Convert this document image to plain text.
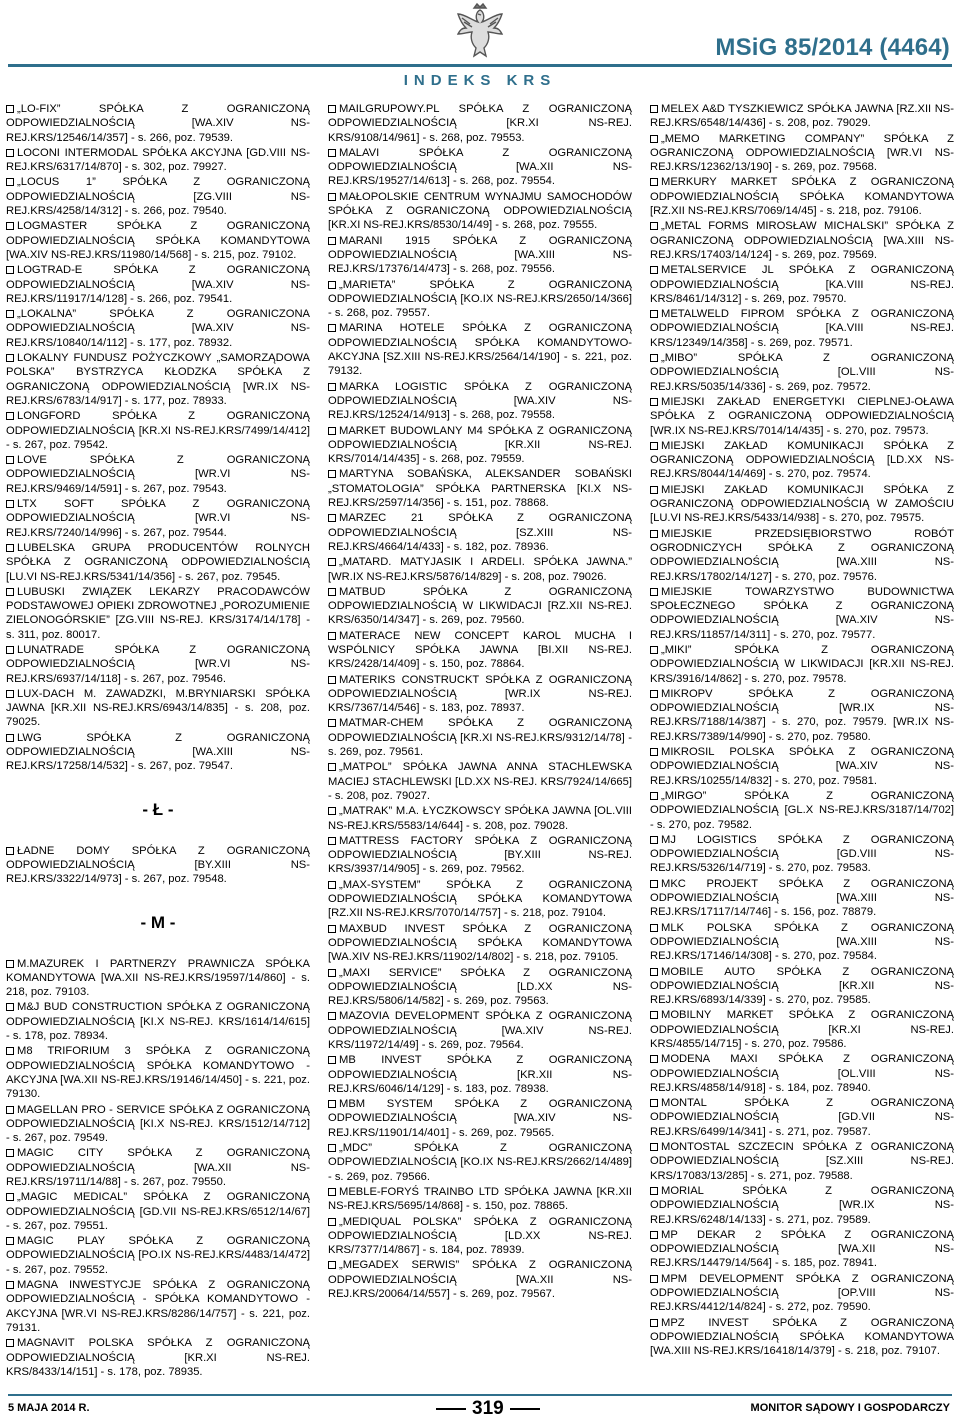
MSiG 85/2014 (4464)
INDEKS KRS
„LO-FIX” SPÓŁKA Z OGRANICZONĄ ODPOWIEDZIALNOŚCIĄ [WA.XIV NS-REJ.KRS/12546/14/357] - s. 266, poz. 79539.
LOCONI INTERMODAL SPÓŁKA AKCYJNA [GD.VIII NS-REJ.KRS/6317/14/870] - s. 302, poz. 79927.
„LOCUS 1” SPÓŁKA Z OGRANICZONĄ ODPOWIEDZIALNOŚCIĄ [ZG.VIII NS-REJ.KRS/4258/14/312] - s. 266, poz. 79540.
LOGMASTER SPÓŁKA Z OGRANICZONĄ ODPOWIEDZIALNOŚCIĄ SPÓŁKA KOMANDYTOWA [WA.XIV NS-REJ.KRS/11980/14/568] - s. 215, poz. 79102.
LOGTRAD-E SPÓŁKA Z OGRANICZONĄ ODPOWIEDZIALNOŚCIĄ [WA.XIV NS-REJ.KRS/11917/14/128] - s. 266, poz. 79541.
„LOKALNA” SPÓŁKA Z OGRANICZONA ODPOWIEDZIALNOŚCIĄ [WA.XIV NS-REJ.KRS/10840/14/112] - s. 177, poz. 78932.
LOKALNY FUNDUSZ POŻYCZKOWY „SAMORZĄDOWA POLSKA” BYSTRZYCA KŁODZKA SPÓŁKA Z OGRANICZONĄ ODPOWIEDZIALNOŚCIĄ [WR.IX NS-REJ.KRS/6783/14/917] - s. 177, poz. 78933.
LONGFORD SPÓŁKA Z OGRANICZONĄ ODPOWIEDZIALNOŚCIĄ [KR.XI NS-REJ.KRS/7499/14/412] - s. 267, poz. 79542.
LOVE SPÓŁKA Z OGRANICZONĄ ODPOWIEDZIALNOŚCIĄ [WR.VI NS-REJ.KRS/9469/14/591] - s. 267, poz. 79543.
LTX SOFT SPÓŁKA Z OGRANICZONĄ ODPOWIEDZIALNOŚCIĄ [WR.VI NS-REJ.KRS/7240/14/996] - s. 267, poz. 79544.
LUBELSKA GRUPA PRODUCENTÓW ROLNYCH SPÓŁKA Z OGRANICZONĄ ODPOWIEDZIALNOŚCIĄ [LU.VI NS-REJ.KRS/5341/14/356] - s. 267, poz. 79545.
LUBUSKI ZWIĄZEK LEKARZY PRACODAWCÓW PODSTAWOWEJ OPIEKI ZDROWOTNEJ „POROZUMIENIE ZIELONOGÓRSKIE” [ZG.VIII NS-REJ. KRS/3174/14/178] - s. 311, poz. 80017.
LUNATRADE SPÓŁKA Z OGRANICZONĄ ODPOWIEDZIALNOŚCIĄ [WR.VI NS-REJ.KRS/6937/14/118] - s. 267, poz. 79546.
LUX-DACH M. ZAWADZKI, M.BRYNIARSKI SPÓŁKA JAWNA [KR.XII NS-REJ.KRS/6943/14/835] - s. 208, poz. 79025.
LWG SPÓŁKA Z OGRANICZONĄ ODPOWIEDZIALNOŚCIĄ [WA.XIII NS-REJ.KRS/17258/14/532] - s. 267, poz. 79547.
- Ł -
ŁADNE DOMY SPÓŁKA Z OGRANICZONĄ ODPOWIEDZIALNOŚCIĄ [BY.XIII NS-REJ.KRS/3322/14/973] - s. 267, poz. 79548.
- M -
M.MAZUREK I PARTNERZY PRAWNICZA SPÓŁKA KOMANDYTOWA [WA.XII NS-REJ.KRS/19597/14/860] - s. 218, poz. 79103.
M&J BUD CONSTRUCTION SPÓŁKA Z OGRANICZONĄ ODPOWIEDZIALNOŚCIĄ [KI.X NS-REJ. KRS/1614/14/615] - s. 178, poz. 78934.
M8 TRIFORIUM 3 SPÓŁKA Z OGRANICZONĄ ODPOWIEDZIALNOŚCIĄ SPÓŁKA KOMANDYTOWO - AKCYJNA [WA.XII NS-REJ.KRS/19146/14/450] - s. 221, poz. 79130.
MAGELLAN PRO - SERVICE SPÓŁKA Z OGRANICZONĄ ODPOWIEDZIALNOŚCIĄ [KI.X NS-REJ. KRS/1512/14/712] - s. 267, poz. 79549.
MAGIC CITY SPÓŁKA Z OGRANICZONĄ ODPOWIEDZIALNOŚCIĄ [WA.XII NS-REJ.KRS/19711/14/88] - s. 267, poz. 79550.
„MAGIC MEDICAL” SPÓŁKA Z OGRANICZONĄ ODPOWIEDZIALNOŚCIĄ [GD.VII NS-REJ.KRS/6512/14/67] - s. 267, poz. 79551.
MAGIC PLAY SPÓŁKA Z OGRANICZONĄ ODPOWIEDZIALNOŚCIĄ [PO.IX NS-REJ.KRS/4483/14/472] - s. 267, poz. 79552.
MAGNA INWESTYCJE SPÓŁKA Z OGRANICZONĄ ODPOWIEDZIALNOŚCIĄ - SPÓŁKA KOMANDYTOWO - AKCYJNA [WR.VI NS-REJ.KRS/8286/14/757] - s. 221, poz. 79131.
MAGNAVIT POLSKA SPÓŁKA Z OGRANICZONĄ ODPOWIEDZIALNOŚCIĄ [KR.XI NS-REJ. KRS/8433/14/151] - s. 178, poz. 78935.
MAILGRUPOWY.PL SPÓŁKA Z OGRANICZONĄ ODPOWIEDZIALNOŚCIĄ [KR.XI NS-REJ. KRS/9108/14/961] - s. 268, poz. 79553.
MALAVI SPÓŁKA Z OGRANICZONĄ ODPOWIEDZIALNOŚCIĄ [WA.XII NS-REJ.KRS/19527/14/613] - s. 268, poz. 79554.
MAŁOPOLSKIE CENTRUM WYNAJMU SAMOCHODÓW SPÓŁKA Z OGRANICZONĄ ODPOWIEDZIALNOŚCIĄ [KR.XI NS-REJ.KRS/8530/14/49] - s. 268, poz. 79555.
MARANI 1915 SPÓŁKA Z OGRANICZONĄ ODPOWIEDZIALNOŚCIĄ [WA.XIII NS-REJ.KRS/17376/14/473] - s. 268, poz. 79556.
„MARIETA” SPÓŁKA Z OGRANICZONĄ ODPOWIEDZIALNOŚCIĄ [KO.IX NS-REJ.KRS/2650/14/366] - s. 268, poz. 79557.
MARINA HOTELE SPÓŁKA Z OGRANICZONĄ ODPOWIEDZIALNOŚCIĄ SPÓŁKA KOMANDYTOWO-AKCYJNA [SZ.XIII NS-REJ.KRS/2564/14/190] - s. 221, poz. 79132.
MARKA LOGISTIC SPÓŁKA Z OGRANICZONĄ ODPOWIEDZIALNOŚCIĄ [WA.XIV NS-REJ.KRS/12524/14/913] - s. 268, poz. 79558.
MARKET BUDOWLANY M4 SPÓŁKA Z OGRANICZONĄ ODPOWIEDZIALNOŚCIĄ [KR.XII NS-REJ. KRS/7014/14/435] - s. 268, poz. 79559.
MARTYNA SOBAŃSKA, ALEKSANDER SOBAŃSKI „STOMATOLOGIA” SPÓŁKA PARTNERSKA [KI.X NS-REJ.KRS/2597/14/356] - s. 151, poz. 78868.
MARZEC 21 SPÓŁKA Z OGRANICZONĄ ODPOWIEDZIALNOŚCIĄ [SZ.XIII NS-REJ.KRS/4664/14/433] - s. 182, poz. 78936.
„MATARD. MATYJASIK I ARDELI. SPÓŁKA JAWNA.” [WR.IX NS-REJ.KRS/5876/14/829] - s. 208, poz. 79026.
MATBUD SPÓŁKA Z OGRANICZONĄ ODPOWIEDZIALNOŚCIĄ W LIKWIDACJI [RZ.XII NS-REJ. KRS/6350/14/347] - s. 269, poz. 79560.
MATERACE NEW CONCEPT KAROL MUCHA I WSPÓLNICY SPÓŁKA JAWNA [BI.XII NS-REJ. KRS/2428/14/409] - s. 150, poz. 78864.
MATERIKS CONSTRUCKT SPÓŁKA Z OGRANICZONĄ ODPOWIEDZIALNOŚCIĄ [WR.IX NS-REJ. KRS/7367/14/546] - s. 183, poz. 78937.
MATMAR-CHEM SPÓŁKA Z OGRANICZONĄ ODPOWIEDZIALNOŚCIĄ [KR.XI NS-REJ.KRS/9312/14/78] - s. 269, poz. 79561.
„MATPOL” SPÓŁKA JAWNA ANNA STACHLEWSKA MACIEJ STACHLEWSKI [LD.XX NS-REJ. KRS/7924/14/665] - s. 208, poz. 79027.
„MATRAK” M.A. ŁYCZKOWSCY SPÓŁKA JAWNA [OL.VIII NS-REJ.KRS/5583/14/644] - s. 208, poz. 79028.
MATTRESS FACTORY SPÓŁKA Z OGRANICZONĄ ODPOWIEDZIALNOŚCIĄ [BY.XIII NS-REJ. KRS/3937/14/905] - s. 269, poz. 79562.
„MAX-SYSTEM” SPÓŁKA Z OGRANICZONĄ ODPOWIEDZIALNOŚCIĄ SPÓŁKA KOMANDYTOWA [RZ.XII NS-REJ.KRS/7070/14/757] - s. 218, poz. 79104.
MAXBUD INVEST SPÓŁKA Z OGRANICZONĄ ODPOWIEDZIALNOŚCIĄ SPÓŁKA KOMANDYTOWA [WA.XIV NS-REJ.KRS/11902/14/802] - s. 218, poz. 79105.
„MAXI SERVICE” SPÓŁKA Z OGRANICZONĄ ODPOWIEDZIALNOŚCIĄ [LD.XX NS-REJ.KRS/5806/14/582] - s. 269, poz. 79563.
MAZOVIA DEVELOPMENT SPÓŁKA Z OGRANICZONĄ ODPOWIEDZIALNOŚCIĄ [WA.XIV NS-REJ. KRS/11972/14/49] - s. 269, poz. 79564.
MB INVEST SPÓŁKA Z OGRANICZONĄ ODPOWIEDZIALNOŚCIĄ [KR.XII NS-REJ.KRS/6046/14/129] - s. 183, poz. 78938.
MBM SYSTEM SPÓŁKA Z OGRANICZONĄ ODPOWIEDZIALNOŚCIĄ [WA.XIV NS-REJ.KRS/11901/14/401] - s. 269, poz. 79565.
„MDC” SPÓŁKA Z OGRANICZONĄ ODPOWIEDZIALNOŚCIĄ [KO.IX NS-REJ.KRS/2662/14/489] - s. 269, poz. 79566.
MEBLE-FORYŚ TRAINBO LTD SPÓŁKA JAWNA [KR.XII NS-REJ.KRS/5695/14/868] - s. 150, poz. 78865.
„MEDIQUAL POLSKA” SPÓŁKA Z OGRANICZONĄ ODPOWIEDZIALNOŚCIĄ [LD.XX NS-REJ. KRS/7377/14/867] - s. 184, poz. 78939.
„MEGADEX SERWIS” SPÓŁKA Z OGRANICZONĄ ODPOWIEDZIALNOŚCIĄ [WA.XII NS-REJ.KRS/20064/14/557] - s. 269, poz. 79567.
MELEX A&D TYSZKIEWICZ SPÓŁKA JAWNA [RZ.XII NS-REJ.KRS/6548/14/436] - s. 208, poz. 79029.
„MEMO MARKETING COMPANY” SPÓŁKA Z OGRANICZONĄ ODPOWIEDZIALNOŚCIĄ [WR.VI NS-REJ.KRS/12362/13/190] - s. 269, poz. 79568.
MERKURY MARKET SPÓŁKA Z OGRANICZONĄ ODPOWIEDZIALNOŚCIĄ SPÓŁKA KOMANDYTOWA [RZ.XII NS-REJ.KRS/7069/14/45] - s. 218, poz. 79106.
„METAL FORMS MIROSŁAW MICHALSKI” SPÓŁKA Z OGRANICZONĄ ODPOWIEDZIALNOŚCIĄ [WA.XIII NS-REJ.KRS/17403/14/124] - s. 269, poz. 79569.
METALSERVICE JL SPÓŁKA Z OGRANICZONĄ ODPOWIEDZIALNOŚCIĄ [KA.VIII NS-REJ. KRS/8461/14/312] - s. 269, poz. 79570.
METALWELD FIPROM SPÓŁKA Z OGRANICZONĄ ODPOWIEDZIALNOŚCIĄ [KA.VIII NS-REJ. KRS/12349/14/358] - s. 269, poz. 79571.
„MIBO” SPÓŁKA Z OGRANICZONĄ ODPOWIEDZIALNOŚCIĄ [OL.VIII NS-REJ.KRS/5035/14/336] - s. 269, poz. 79572.
MIEJSKI ZAKŁAD ENERGETYKI CIEPLNEJ-OŁAWA SPÓŁKA Z OGRANICZONĄ ODPOWIEDZIALNOŚCIĄ [WR.IX NS-REJ.KRS/7014/14/435] - s. 270, poz. 79573.
MIEJSKI ZAKŁAD KOMUNIKACJI SPÓŁKA Z OGRANICZONĄ ODPOWIEDZIALNOŚCIĄ [LD.XX NS-REJ.KRS/8044/14/469] - s. 270, poz. 79574.
MIEJSKI ZAKŁAD KOMUNIKACJI SPÓŁKA Z OGRANICZONĄ ODPOWIEDZIALNOŚCIĄ W ZAMOŚCIU [LU.VI NS-REJ.KRS/5433/14/938] - s. 270, poz. 79575.
MIEJSKIE PRZEDSIĘBIORSTWO ROBÓT OGRODNICZYCH SPÓŁKA Z OGRANICZONĄ ODPOWIEDZIALNOŚCIĄ [WA.XIII NS-REJ.KRS/17802/14/127] - s. 270, poz. 79576.
MIEJSKIE TOWARZYSTWO BUDOWNICTWA SPOŁECZNEGO SPÓŁKA Z OGRANICZONĄ ODPOWIEDZIALNOŚCIĄ [WA.XIV NS-REJ.KRS/11857/14/311] - s. 270, poz. 79577.
„MIKI” SPÓŁKA Z OGRANICZONĄ ODPOWIEDZIALNOŚCIĄ W LIKWIDACJI [KR.XII NS-REJ. KRS/3916/14/862] - s. 270, poz. 79578.
MIKROPV SPÓŁKA Z OGRANICZONĄ ODPOWIEDZIALNOŚCIĄ [WR.IX NS-REJ.KRS/7188/14/387] - s. 270, poz. 79579. [WR.IX NS-REJ.KRS/7389/14/990] - s. 270, poz. 79580.
MIKROSIL POLSKA SPÓŁKA Z OGRANICZONĄ ODPOWIEDZIALNOŚCIĄ [WA.XIV NS-REJ.KRS/10255/14/832] - s. 270, poz. 79581.
„MIRGO” SPÓŁKA Z OGRANICZONĄ ODPOWIEDZIALNOŚCIĄ [GL.X NS-REJ.KRS/3187/14/702] - s. 270, poz. 79582.
MJ LOGISTICS SPÓŁKA Z OGRANICZONĄ ODPOWIEDZIALNOŚCIĄ [GD.VIII NS-REJ.KRS/5326/14/719] - s. 270, poz. 79583.
MKC PROJEKT SPÓŁKA Z OGRANICZONĄ ODPOWIEDZIALNOŚCIĄ [WA.XIII NS-REJ.KRS/17117/14/746] - s. 156, poz. 78879.
MLK POLSKA SPÓŁKA Z OGRANICZONĄ ODPOWIEDZIALNOŚCIĄ [WA.XIII NS-REJ.KRS/17146/14/308] - s. 270, poz. 79584.
MOBILE AUTO SPÓŁKA Z OGRANICZONĄ ODPOWIEDZIALNOŚCIĄ [KR.XII NS-REJ.KRS/6893/14/339] - s. 270, poz. 79585.
MOBILNY MARKET SPÓŁKA Z OGRANICZONĄ ODPOWIEDZIALNOŚCIĄ [KR.XI NS-REJ. KRS/4855/14/715] - s. 270, poz. 79586.
MODENA MAXI SPÓŁKA Z OGRANICZONĄ ODPOWIEDZIALNOŚCIĄ [OL.VIII NS-REJ.KRS/4858/14/918] - s. 184, poz. 78940.
MONTAL SPÓŁKA Z OGRANICZONĄ ODPOWIEDZIALNOŚCIĄ [GD.VII NS-REJ.KRS/6499/14/341] - s. 271, poz. 79587.
MONTOSTAL SZCZECIN SPÓŁKA Z OGRANICZONĄ ODPOWIEDZIALNOŚCIĄ [SZ.XIII NS-REJ. KRS/17083/13/285] - s. 271, poz. 79588.
MORIAL SPÓŁKA Z OGRANICZONĄ ODPOWIEDZIALNOŚCIĄ [WR.IX NS-REJ.KRS/6248/14/133] - s. 271, poz. 79589.
MP DEKAR 2 SPÓŁKA Z OGRANICZONĄ ODPOWIEDZIALNOŚCIĄ [WA.XII NS-REJ.KRS/14479/14/564] - s. 185, poz. 78941.
MPM DEVELOPMENT SPÓŁKA Z OGRANICZONĄ ODPOWIEDZIALNOŚCIĄ [OP.VIII NS-REJ.KRS/4412/14/824] - s. 272, poz. 79590.
MPZ INVEST SPÓŁKA Z OGRANICZONĄ ODPOWIEDZIALNOŚCIĄ SPÓŁKA KOMANDYTOWA [WA.XIII NS-REJ.KRS/16418/14/379] - s. 218, poz. 79107.
5 MAJA 2014 R.	319	MONITOR SĄDOWY I GOSPODARCZY
